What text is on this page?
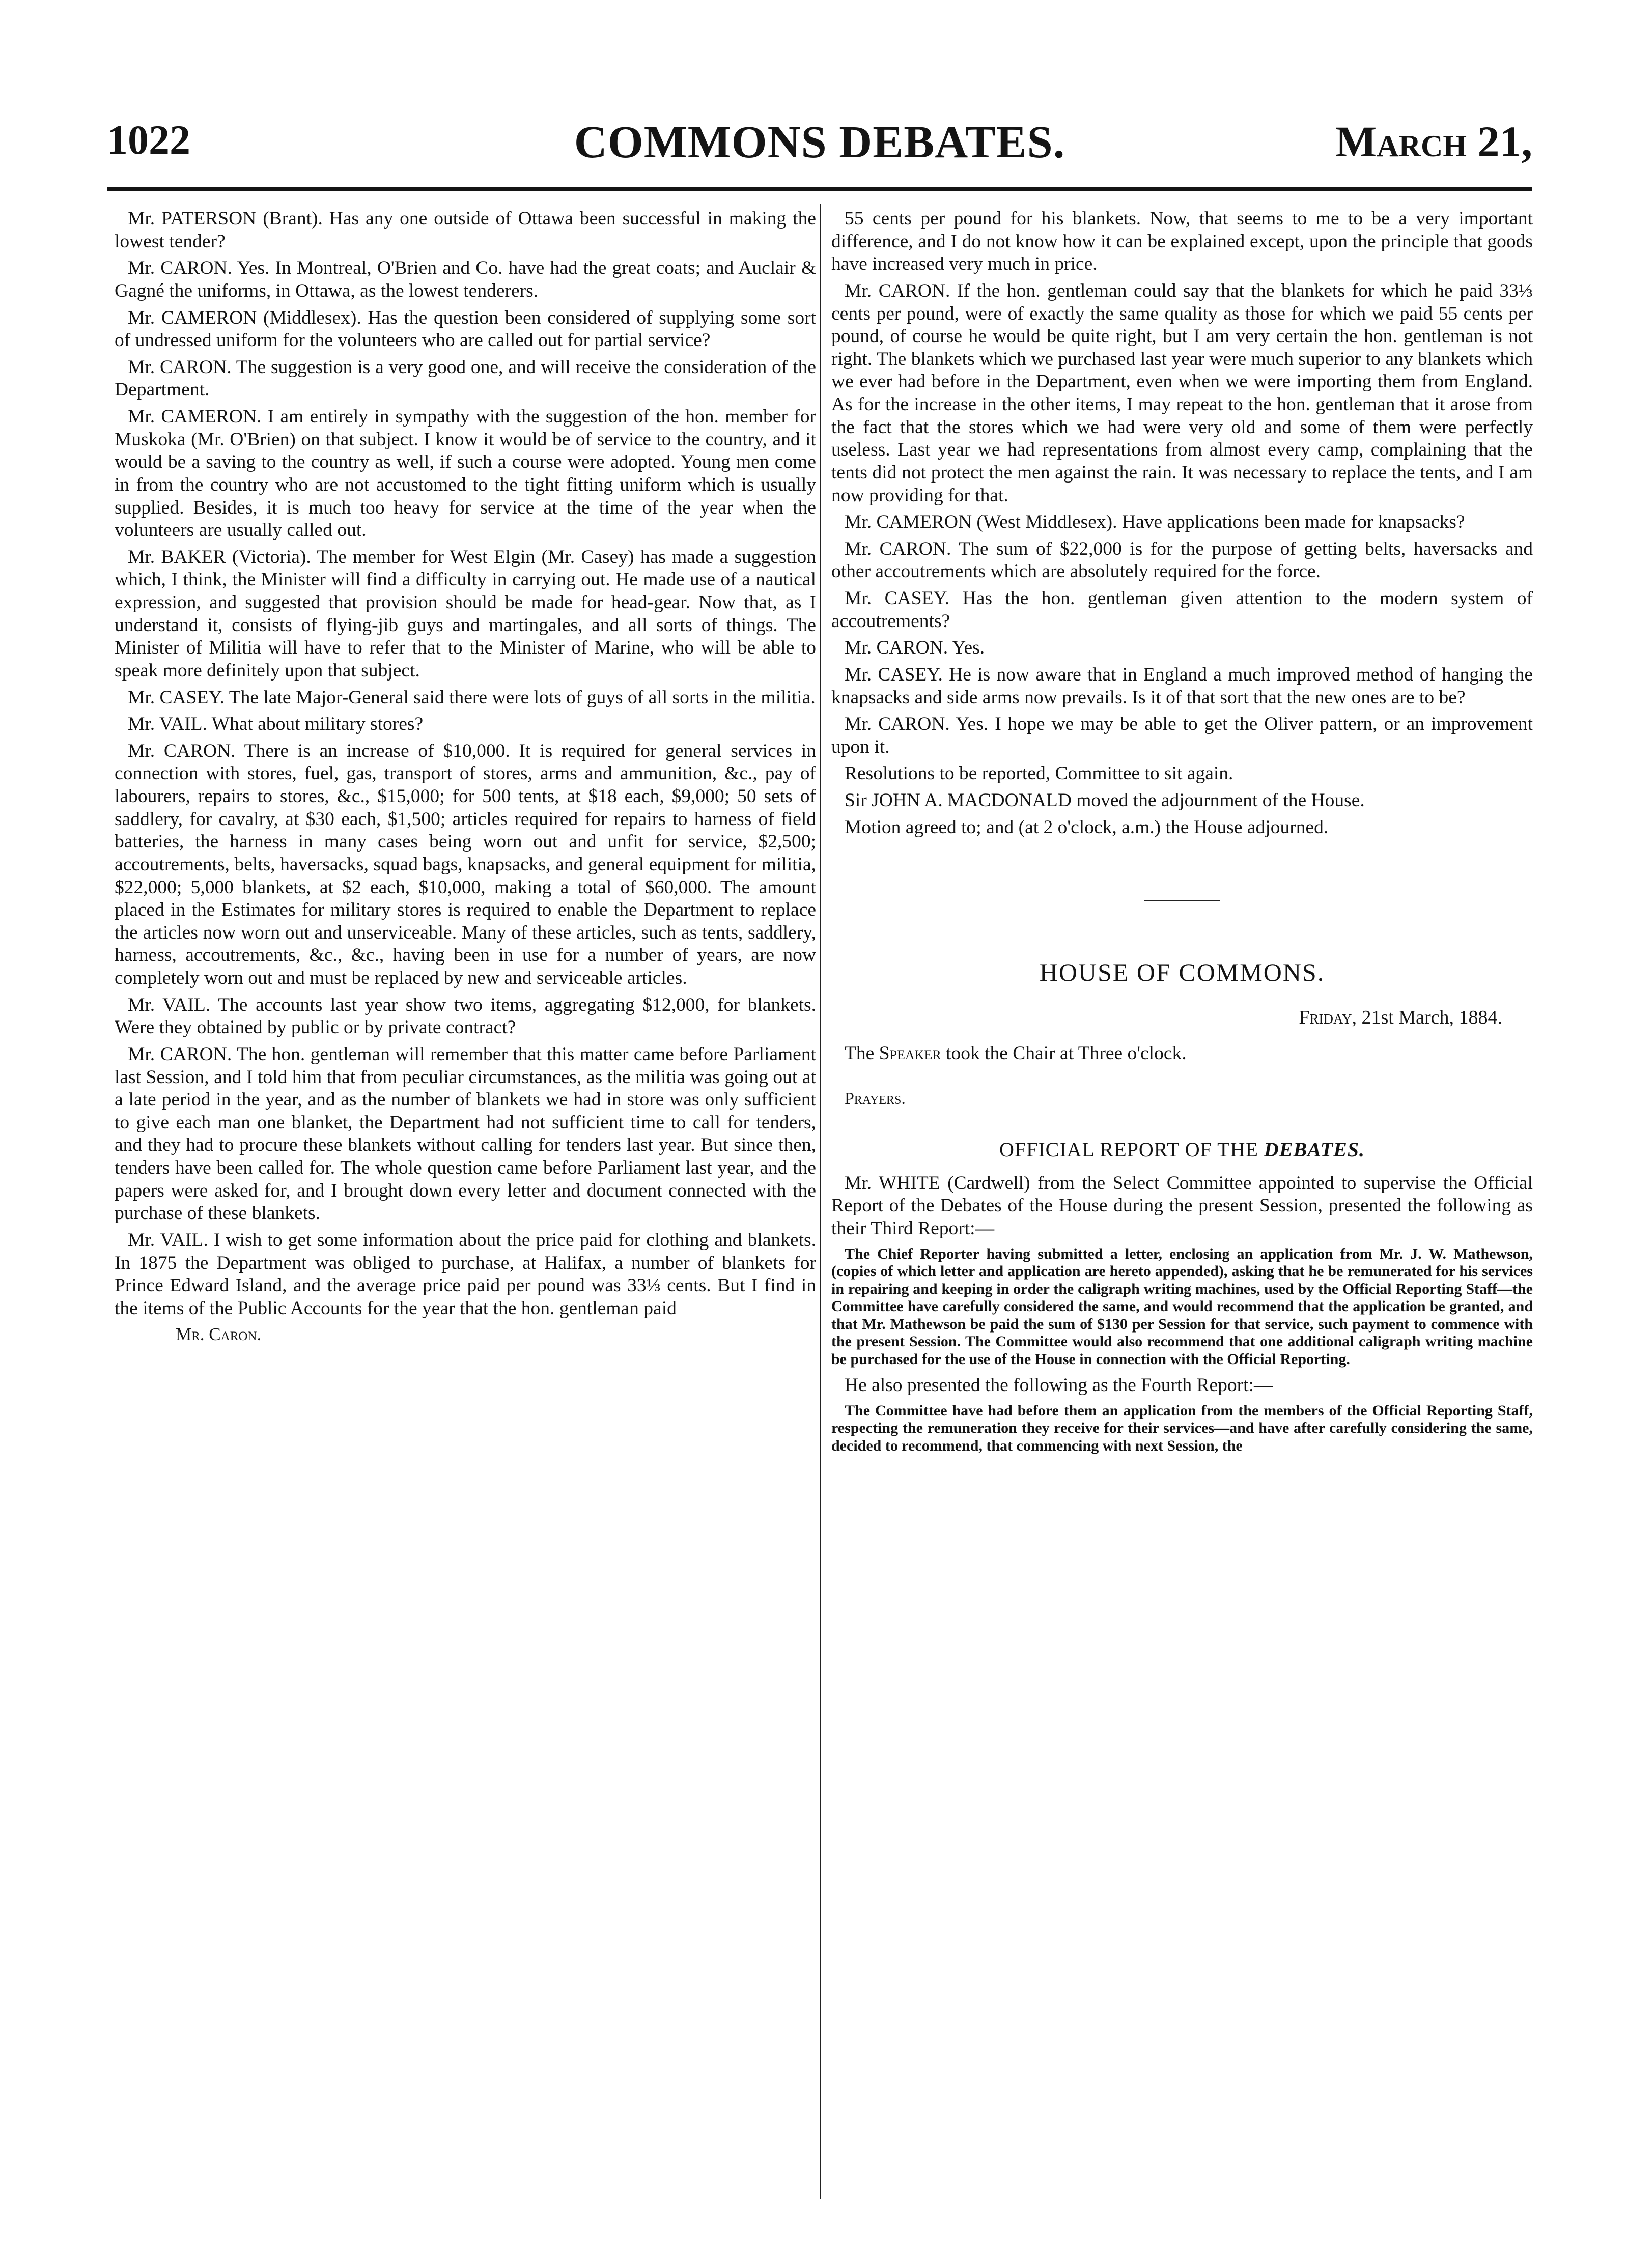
1022	COMMONS DEBATES.	March 21,

Mr. PATERSON (Brant). Has any one outside of Ottawa been successful in making the lowest tender?

Mr. CARON. Yes. In Montreal, O'Brien and Co. have had the great coats; and Auclair & Gagné the uniforms, in Ottawa, as the lowest tenderers.

Mr. CAMERON (Middlesex). Has the question been considered of supplying some sort of undressed uniform for the volunteers who are called out for partial service?

Mr. CARON. The suggestion is a very good one, and will receive the consideration of the Department.

Mr. CAMERON. I am entirely in sympathy with the suggestion of the hon. member for Muskoka (Mr. O'Brien) on that subject. I know it would be of service to the country, and it would be a saving to the country as well, if such a course were adopted. Young men come in from the country who are not accustomed to the tight fitting uniform which is usually supplied. Besides, it is much too heavy for service at the time of the year when the volunteers are usually called out.

Mr. BAKER (Victoria). The member for West Elgin (Mr. Casey) has made a suggestion which, I think, the Minister will find a difficulty in carrying out. He made use of a nautical expression, and suggested that provision should be made for head-gear. Now that, as I understand it, consists of flying-jib guys and martingales, and all sorts of things. The Minister of Militia will have to refer that to the Minister of Marine, who will be able to speak more definitely upon that subject.

Mr. CASEY. The late Major-General said there were lots of guys of all sorts in the militia.

Mr. VAIL. What about military stores?

Mr. CARON. There is an increase of $10,000. It is required for general services in connection with stores, fuel, gas, transport of stores, arms and ammunition, &c., pay of labourers, repairs to stores, &c., $15,000; for 500 tents, at $18 each, $9,000; 50 sets of saddlery, for cavalry, at $30 each, $1,500; articles required for repairs to harness of field batteries, the harness in many cases being worn out and unfit for service, $2,500; accoutrements, belts, haversacks, squad bags, knapsacks, and general equipment for militia, $22,000; 5,000 blankets, at $2 each, $10,000, making a total of $60,000. The amount placed in the Estimates for military stores is required to enable the Department to replace the articles now worn out and unserviceable. Many of these articles, such as tents, saddlery, harness, accoutrements, &c., &c., having been in use for a number of years, are now completely worn out and must be replaced by new and serviceable articles.

Mr. VAIL. The accounts last year show two items, aggregating $12,000, for blankets. Were they obtained by public or by private contract?

Mr. CARON. The hon. gentleman will remember that this matter came before Parliament last Session, and I told him that from peculiar circumstances, as the militia was going out at a late period in the year, and as the number of blankets we had in store was only sufficient to give each man one blanket, the Department had not sufficient time to call for tenders, and they had to procure these blankets without calling for tenders last year. But since then, tenders have been called for. The whole question came before Parliament last year, and the papers were asked for, and I brought down every letter and document connected with the purchase of these blankets.

Mr. VAIL. I wish to get some information about the price paid for clothing and blankets. In 1875 the Department was obliged to purchase, at Halifax, a number of blankets for Prince Edward Island, and the average price paid per pound was 33⅓ cents. But I find in the items of the Public Accounts for the year that the hon. gentleman paid

Mr. Caron.

55 cents per pound for his blankets. Now, that seems to me to be a very important difference, and I do not know how it can be explained except, upon the principle that goods have increased very much in price.

Mr. CARON. If the hon. gentleman could say that the blankets for which he paid 33⅓ cents per pound, were of exactly the same quality as those for which we paid 55 cents per pound, of course he would be quite right, but I am very certain the hon. gentleman is not right. The blankets which we purchased last year were much superior to any blankets which we ever had before in the Department, even when we were importing them from England. As for the increase in the other items, I may repeat to the hon. gentleman that it arose from the fact that the stores which we had were very old and some of them were perfectly useless. Last year we had representations from almost every camp, complaining that the tents did not protect the men against the rain. It was necessary to replace the tents, and I am now providing for that.

Mr. CAMERON (West Middlesex). Have applications been made for knapsacks?

Mr. CARON. The sum of $22,000 is for the purpose of getting belts, haversacks and other accoutrements which are absolutely required for the force.

Mr. CASEY. Has the hon. gentleman given attention to the modern system of accoutrements?

Mr. CARON. Yes.

Mr. CASEY. He is now aware that in England a much improved method of hanging the knapsacks and side arms now prevails. Is it of that sort that the new ones are to be?

Mr. CARON. Yes. I hope we may be able to get the Oliver pattern, or an improvement upon it.

Resolutions to be reported, Committee to sit again.

Sir JOHN A. MACDONALD moved the adjournment of the House.

Motion agreed to; and (at 2 o'clock, a.m.) the House adjourned.

HOUSE OF COMMONS.
Friday, 21st March, 1884.
The Speaker took the Chair at Three o'clock.
Prayers.
OFFICIAL REPORT OF THE DEBATES.

Mr. WHITE (Cardwell) from the Select Committee appointed to supervise the Official Report of the Debates of the House during the present Session, presented the following as their Third Report:—

The Chief Reporter having submitted a letter, enclosing an application from Mr. J. W. Mathewson, (copies of which letter and application are hereto appended), asking that he be remunerated for his services in repairing and keeping in order the caligraph writing machines, used by the Official Reporting Staff—the Committee have carefully considered the same, and would recommend that the application be granted, and that Mr. Mathewson be paid the sum of $130 per Session for that service, such payment to commence with the present Session. The Committee would also recommend that one additional caligraph writing machine be purchased for the use of the House in connection with the Official Reporting.

He also presented the following as the Fourth Report:—

The Committee have had before them an application from the members of the Official Reporting Staff, respecting the remuneration they receive for their services—and have after carefully considering the same, decided to recommend, that commencing with next Session, the
